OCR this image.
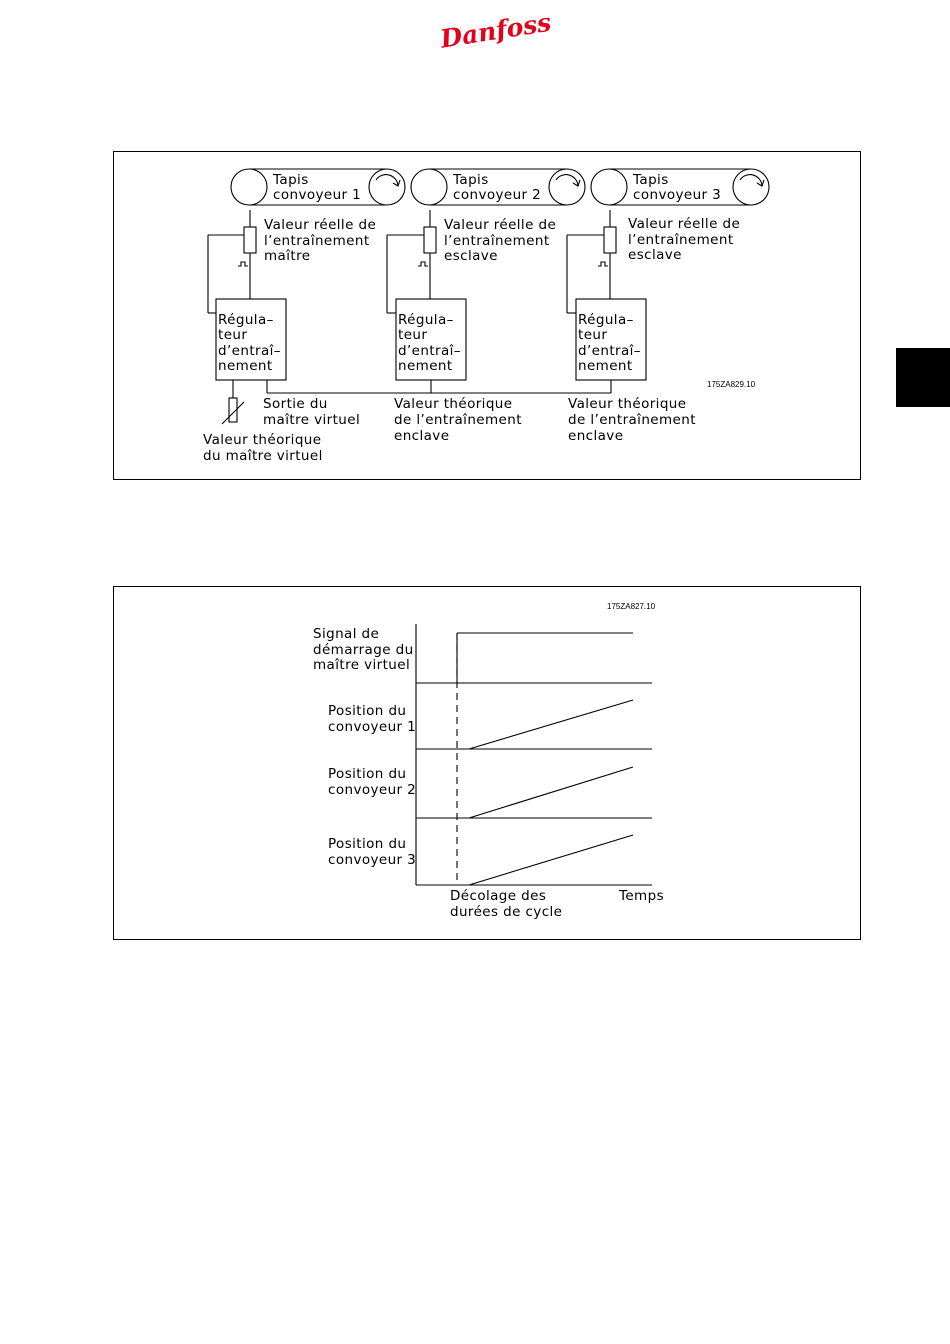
Danfoss
Tapis
convoyeur 1
Tapis
convoyeur 2
Tapis
convoyeur 3
Valeur réelle de
l’entraînement
maître
Valeur réelle de
l’entraînement
esclave
Valeur réelle de
l’entraînement
esclave
Régula–
teur
d’entraî–
nement
Régula–
teur
d’entraî–
nement
Régula–
teur
d’entraî–
nement
175ZA829.10
Sortie du
maître virtuel
Valeur théorique
de l’entraînement
enclave
Valeur théorique
de l’entraînement
enclave
Valeur théorique
du maître virtuel
175ZA827.10
Signal de
démarrage du
maître virtuel
Position du
convoyeur 1
Position du
convoyeur 2
Position du
convoyeur 3
Décolage des
durées de cycle
Temps
